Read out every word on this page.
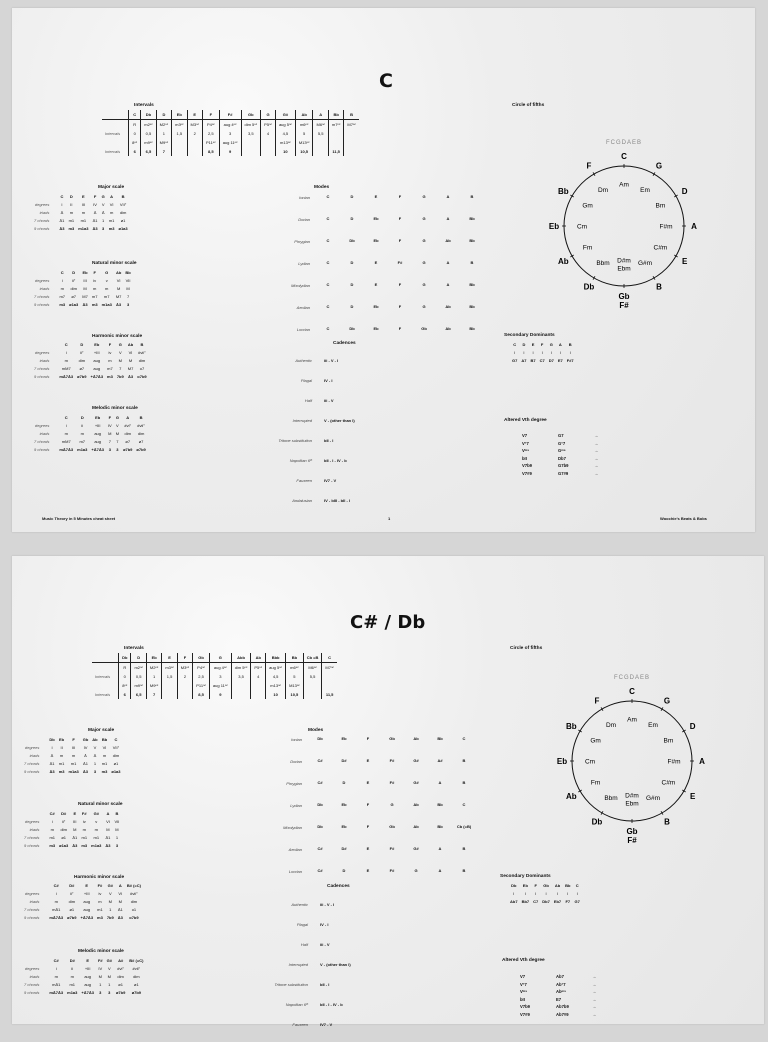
C
Intervals
	C	Db	D	Eb	E	F	F#	Gb	G	G#	Ab	A	Bb	B
	R	m2ⁿᶜ	M2ⁿᶜ	m3ⁿᶜ	M3ⁿᶜ	P4ⁿᶜ	aug 4ⁿᶜ	dim 5ⁿᶜ	P5ⁿᶜ	aug 5ⁿᶜ	m6ⁿᶜ	M6ⁿᶜ	m7ⁿᶜ	M7ⁿᶜ
Intervals	0	0,5	1	1,5	2	2,5	3	3,5	4	4,5	5	5,5		
	8ⁿᶜ	m9ⁿᶜ	M9ⁿᶜ			P11ⁿᶜ	aug 11ⁿᶜ			m13ⁿᶜ	M13ⁿᶜ			
Intervals	6	6,5	7			8,5	9			10	10,5		11,5	
Major scale
	C	D	E	F	G	A	B
degrees	I	II	III	IV	V	VI	VII°
triads	Ā	m	m	Ā	Ā	m	dim
7 chords	Ā1	m1	m1	Ā1	1	m1	ø1
9 chords	Ā3	m3	m1a3	Ā3	3	m3	ø1a3
Natural minor scale
	C	D	Eb	F	G	Ab	Bb
degrees	i	ii°	III	iv	v	VI	VII
triads	m	dim	M	m	m	M	M
7 chords	m7	ø7	M7	m7	m7	M7	7
9 chords	m3	ø1a3	Ā3	m3	m1a3	Ā3	3
Harmonic minor scale
	C	D	Eb	F	G	Ab	B
degrees	i	ii°	+III	iv	V	VI	#vii°
triads	m	dim	aug	m	M	M	dim
7 chords	mM7	ø7	aug	m7	7	M7	o7
9 chords	mĀ7Ā3	ø7b9	+Ā7Ā3	m3	7b9	Ā3	o7b9
Melodic minor scale
	C	D	Eb	F	G	A	B
degrees	i	ii	+III	IV	V	#vi°	#vii°
triads	m	m	aug	M	M	dim	dim
7 chords	mM7	m7	aug	7	7	ø7	ø7
9 chords	mĀ7Ā3	m1a3	+Ā7Ā3	3	3	ø7b9	ø7b9
Modes
Ionian	C	D	E	F	G	A	B
Dorian	C	D	Eb	F	G	A	Bb
Phrygian	C	Db	Eb	F	G	Ab	Bb
Lydian	C	D	E	F#	G	A	B
Mixolydian	C	D	E	F	G	A	Bb
Aeolian	C	D	Eb	F	G	Ab	Bb
Locrian	C	Db	Eb	F	Gb	Ab	Bb
Cadences
Authentic	iii - V - I
Plagal	IV - I
Half	iii - V
Interrupted	V - (other than I)
Tritone substitution	bII - I
Napolitan 6ᵗʰ	bII - I - IV - b
Fauxeen	IV7 - V
Andalusian	IV - bIII - bII - I
Circle of fifths
FCGDAEB
C
Am
G
Em	D
Bm
A
F#m
E
C#m
B
G#m
Gb
Ebm
Db
Bbm
Ab
Fm
Eb	Cm
Bb
Gm
F
Dm
F#
D#m
Secondary Dominants
	C	D	E	F	G	A	B
	I	I	I	I	I	I	I
	G7	A7	B7	C7	D7	E7	F#7
Altered Vth degree
V7	G7	→
V°7	G°7	→
Vᵐ⁹	Gᵐ⁹	→
bII	Db7	→
V7b9	G7b9	→
V7#9	G7#9	→
Music Theory in 5 Minutes cheat sheet	1	Woochie's Beats & Bobs
C# / Db
Intervals
	Db	D	Eb	E	F	Gb	G	Abb	Ab	Bbb	Bb	Cb =B	C
	R	m2ⁿᶜ	M2ⁿᶜ	m3ⁿᶜ	M3ⁿᶜ	P4ⁿᶜ	aug 4ⁿᶜ	dim 5ⁿᶜ	P5ⁿᶜ	aug 5ⁿᶜ	m6ⁿᶜ	M6ⁿᶜ	M7ⁿᶜ
Intervals	0	0,5	1	1,5	2	2,5	3	3,5	4	4,5	5	5,5	
	8ⁿᶜ	m9ⁿᶜ	M9ⁿᶜ			P11ⁿᶜ	aug 11ⁿᶜ			m13ⁿᶜ	M13ⁿᶜ		
Intervals	6	6,5	7			8,5	9			10	10,5		11,5
Major scale
	Db	Eb	F	Gb	Ab	Bb	C
degrees	I	II	III	IV	V	VI	VII°
triads	Ā	m	m	Ā	Ā	m	dim
7 chords	Ā1	m1	m1	Ā1	1	m1	ø1
9 chords	Ā3	m3	m1a3	Ā3	3	m3	ø1a3
Natural minor scale
	C#	D#	E	F#	G#	A	B
degrees	i	ii°	III	iv	v	VI	VII
triads	m	dim	M	m	m	M	M
7 chords	m1	ø1	Ā1	m1	m1	Ā1	1
9 chords	m3	ø1a3	Ā3	m3	m1a3	Ā3	3
Harmonic minor scale
	C#	D#	E	F#	G#	A	B# (=C)
degrees	i	ii°	+III	iv	V	VI	#vii°
triads	m	dim	aug	m	M	M	dim
7 chords	mĀ1	ø1	aug	m1	1	Ā1	o1
9 chords	mĀ7Ā3	ø7b9	+Ā7Ā3	m3	7b9	Ā3	o7b9
Melodic minor scale
	C#	D#	E	F#	G#	A#	B# (=C)
degrees	i	ii	+III	IV	V	#vi°	#vii°
triads	m	m	aug	M	M	dim	dim
7 chords	mĀ1	m1	aug	1	1	ø1	ø1
9 chords	mĀ7Ā3	m1a3	+Ā7Ā3	3	3	ø7b9	ø7b9
Modes
Ionian	Db	Eb	F	Gb	Ab	Bb	C
Dorian	C#	D#	E	F#	G#	A#	B
Phrygian	C#	D	E	F#	G#	A	B
Lydian	Db	Eb	F	G	Ab	Bb	C
Mixolydian	Db	Eb	F	Gb	Ab	Bb	Cb (=B)
Aeolian	C#	D#	E	F#	G#	A	B
Locrian	C#	D	E	F#	G	A	B
Cadences
Authentic	iii - V - I
Plagal	IV - I
Half	iii - V
Interrupted	V - (other than I)
Tritone substitution	bII - I
Napolitan 6ᵗʰ	bII - I - IV - b
Fauxeen	IV7 - V
Circle of fifths
FCGDAEB
C
Am
G
Em	D
Bm
A
F#m
E
C#m
B
G#m
Gb
Ebm
Db
Bbm
Ab
Fm
Eb	Cm
Bb
Gm
F
Dm
F#
D#m
Secondary Dominants
	Db	Eb	F	Gb	Ab	Bb	C
	I	I	I	I	I	I	I
	Ab7	Bb7	C7	Db7	Eb7	F7	G7
Altered Vth degree
V7	Ab7	→
V°7	Ab°7	→
Vᵐ⁹	Abᵐ⁹	→
bII	E7	→
V7b9	Ab7b9	→
V7#9	Ab7#9	→
